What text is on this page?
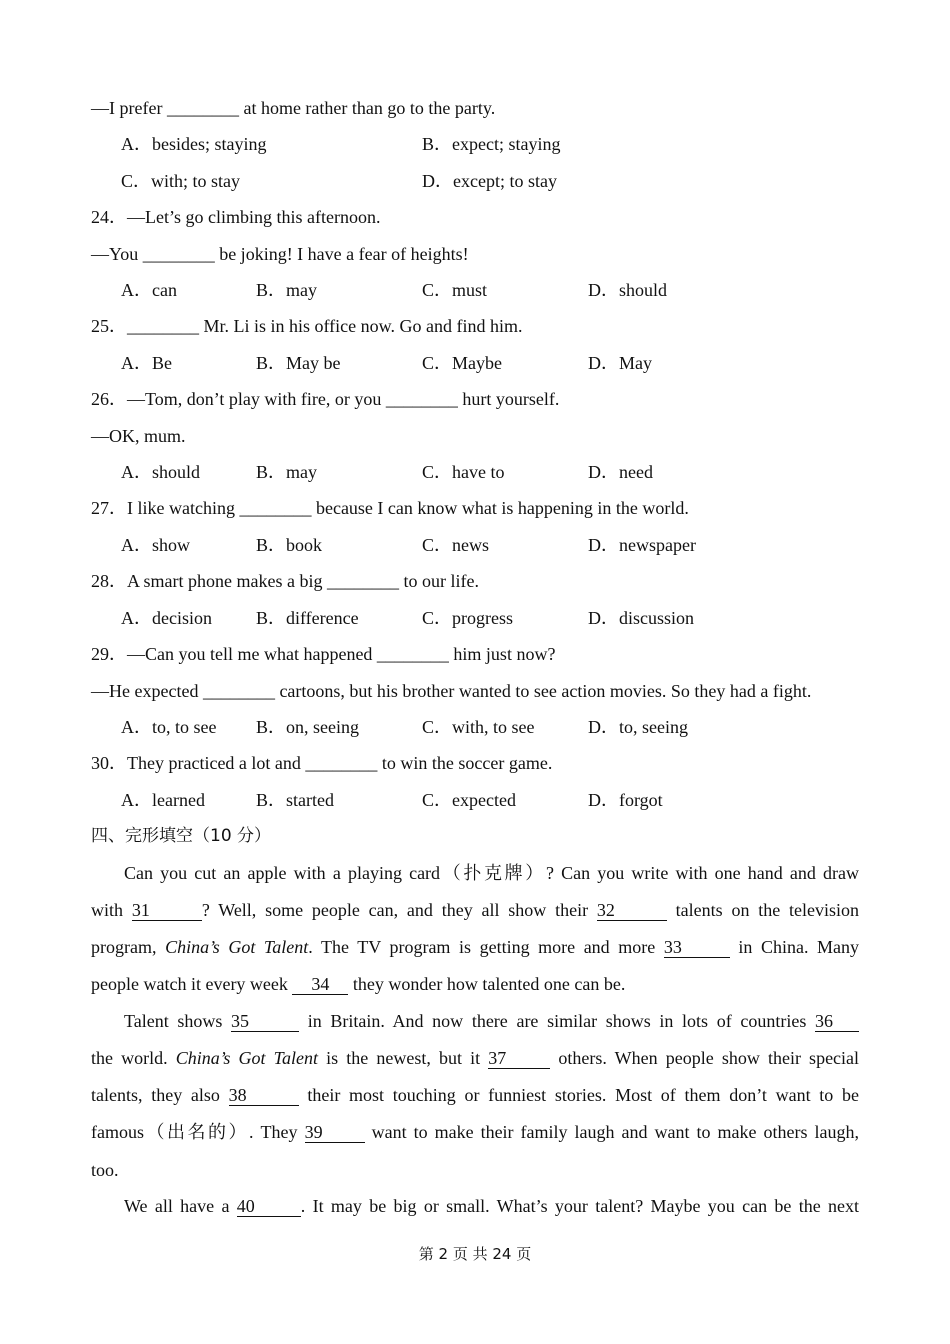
—I prefer ________ at home rather than go to the party.
A．besides; staying	B．expect; staying
C．with; to stay	D．except; to stay
24．—Let’s go climbing this afternoon.
—You ________ be joking! I have a fear of heights!
A．can	B．may	C．must	D．should
25．________ Mr. Li is in his office now. Go and find him.
A．Be	B．May be	C．Maybe	D．May
26．—Tom, don’t play with fire, or you ________ hurt yourself.
—OK, mum.
A．should	B．may	C．have to	D．need
27．I like watching ________ because I can know what is happening in the world.
A．show	B．book	C．news	D．newspaper
28．A smart phone makes a big ________ to our life.
A．decision B．difference	C．progress	D．discussion
29．—Can you tell me what happened ________ him just now?
—He expected ________ cartoons, but his brother wanted to see action movies. So they had a fight.
A．to, to see B．on, seeing	C．with, to see	D．to, seeing
30．They practiced a lot and ________ to win the soccer game.
A．learned	B．started	C．expected	D．forgot
四、完形填空（10 分）
Can you cut an apple with a playing card（扑克牌）? Can you write with one hand and draw
with 31	? Well, some people can, and they all show their 32	talents on the television
program, China’s Got Talent. The TV program is getting more and more 33	in China. Many
people watch it every week 34 they wonder how talented one can be.
Talent shows 35	in Britain. And now there are similar shows in lots of countries 36
the world. China’s Got Talent is the newest, but it 37	others. When people show their special
talents, they also 38	their most touching or funniest stories. Most of them don’t want to be
famous（出名的）. They 39	want to make their family laugh and want to make others laugh,
too.
We all have a 40	. It may be big or small. What’s your talent? Maybe you can be the next
第 2 页 共 24 页
